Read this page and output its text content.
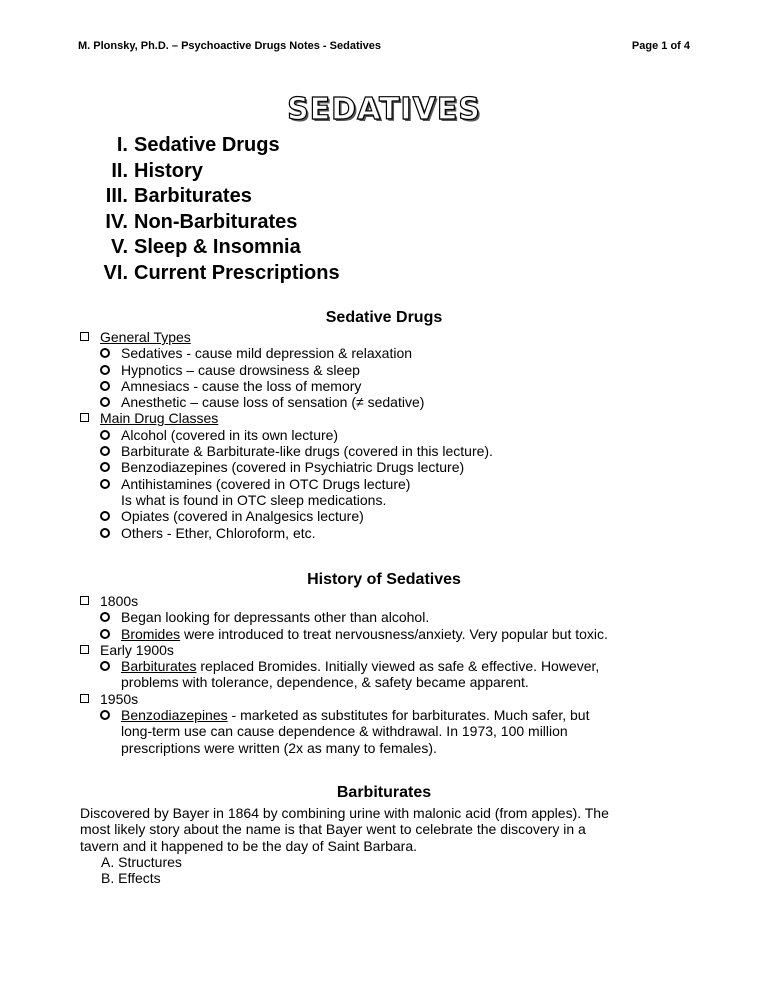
M. Plonsky, Ph.D. – Psychoactive Drugs Notes - Sedatives	Page 1 of 4
SEDATIVES
I. Sedative Drugs
II. History
III. Barbiturates
IV. Non-Barbiturates
V. Sleep & Insomnia
VI. Current Prescriptions
Sedative Drugs
General Types
Sedatives - cause mild depression & relaxation
Hypnotics – cause drowsiness & sleep
Amnesiacs - cause the loss of memory
Anesthetic – cause loss of sensation (≠ sedative)
Main Drug Classes
Alcohol (covered in its own lecture)
Barbiturate & Barbiturate-like drugs (covered in this lecture).
Benzodiazepines (covered in Psychiatric Drugs lecture)
Antihistamines (covered in OTC Drugs lecture)
Is what is found in OTC sleep medications.
Opiates (covered in Analgesics lecture)
Others - Ether, Chloroform, etc.
History of Sedatives
1800s
Began looking for depressants other than alcohol.
Bromides were introduced to treat nervousness/anxiety. Very popular but toxic.
Early 1900s
Barbiturates replaced Bromides. Initially viewed as safe & effective. However,
problems with tolerance, dependence, & safety became apparent.
1950s
Benzodiazepines - marketed as substitutes for barbiturates. Much safer, but
long-term use can cause dependence & withdrawal. In 1973, 100 million
prescriptions were written (2x as many to females).
Barbiturates
Discovered by Bayer in 1864 by combining urine with malonic acid (from apples). The
most likely story about the name is that Bayer went to celebrate the discovery in a
tavern and it happened to be the day of Saint Barbara.
A. Structures
B. Effects
